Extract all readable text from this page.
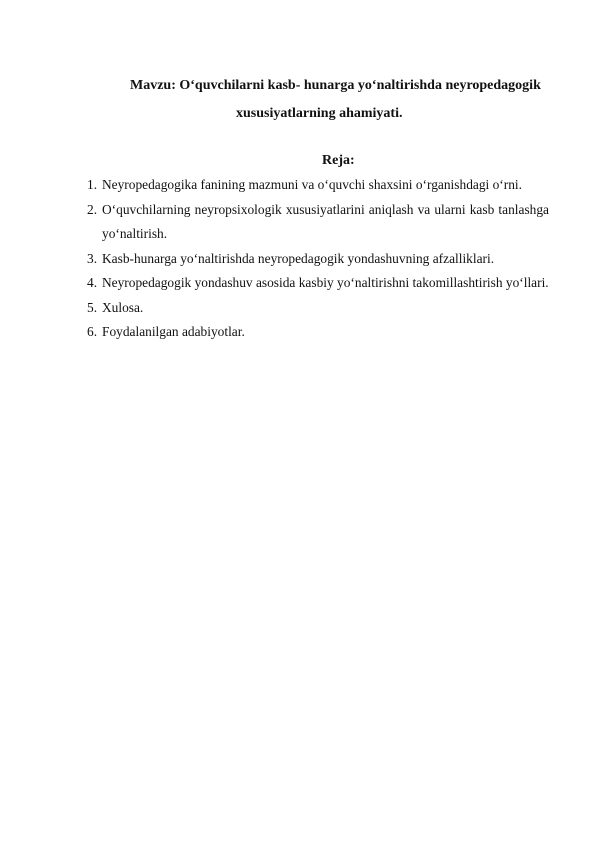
Mavzu: O‘quvchilarni kasb- hunarga yo‘naltirishda neyropedagogik
xususiyatlarning ahamiyati.
Reja:
1. Neyropedagogika fanining mazmuni va o‘quvchi shaxsini o‘rganishdagi o‘rni.
2. O‘quvchilarning neyropsixologik xususiyatlarini aniqlash va ularni kasb tanlashga yo‘naltirish.
3. Kasb-hunarga yo‘naltirishda neyropedagogik yondashuvning afzalliklari.
4. Neyropedagogik yondashuv asosida kasbiy yo‘naltirishni takomillashtirish yo‘llari.
5. Xulosa.
6. Foydalanilgan adabiyotlar.
